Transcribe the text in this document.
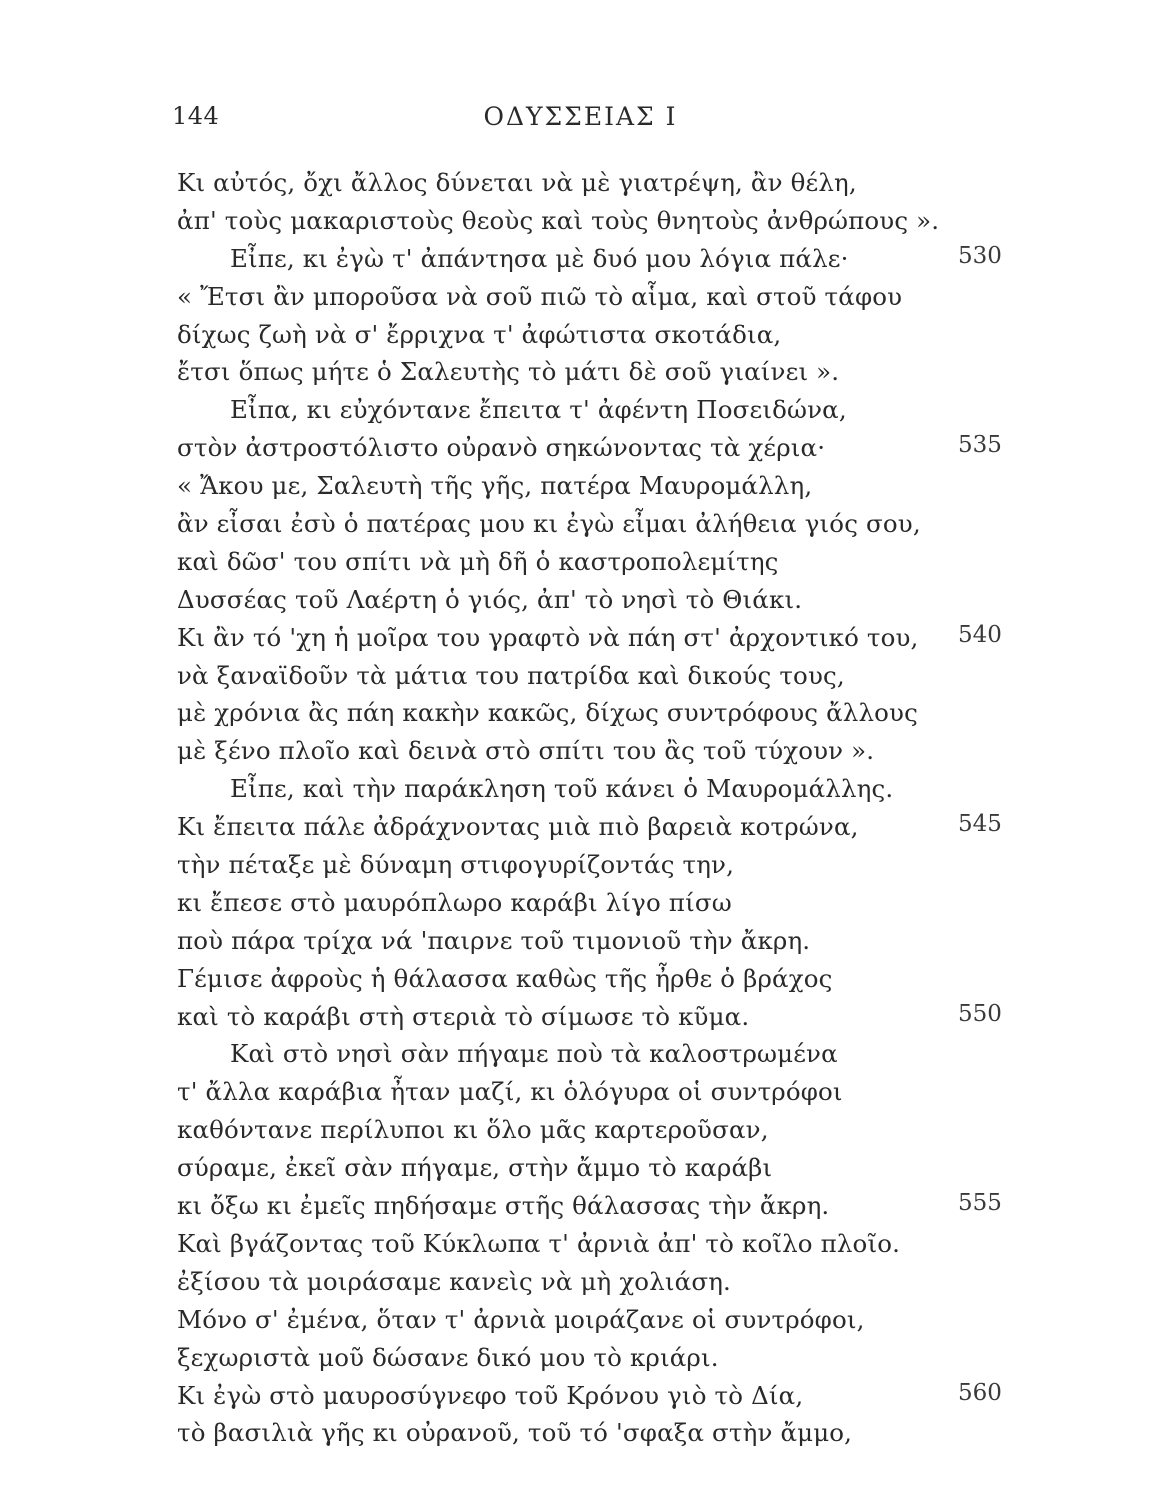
144	ΟΔΥΣΣΕΙΑΣ Ι
Κι αὐτός, ὄχι ἄλλος δύνεται νὰ μὲ γιατρέψη, ἂν θέλη,
ἀπ' τοὺς μακαριστοὺς θεοὺς καὶ τοὺς θνητοὺς ἀνθρώπους ».
Εἶπε, κι ἐγὼ τ' ἀπάντησα μὲ δυό μου λόγια πάλε·	530
« Ἔτσι ἂν μποροῦσα νὰ σοῦ πιῶ τὸ αἷμα, καὶ στοῦ τάφου
δίχως ζωὴ νὰ σ' ἔρριχνα τ' ἀφώτιστα σκοτάδια,
ἔτσι ὅπως μήτε ὁ Σαλευτὴς τὸ μάτι δὲ σοῦ γιαίνει ».
Εἶπα, κι εὐχόντανε ἔπειτα τ' ἀφέντη Ποσειδώνα,
στὸν ἀστροστόλιστο οὐρανὸ σηκώνοντας τὰ χέρια·	535
« Ἄκου με, Σαλευτὴ τῆς γῆς, πατέρα Μαυρομάλλη,
ἂν εἶσαι ἐσὺ ὁ πατέρας μου κι ἐγὼ εἶμαι ἀλήθεια γιός σου,
καὶ δῶσ' του σπίτι νὰ μὴ δῆ ὁ καστροπολεμίτης
Δυσσέας τοῦ Λαέρτη ὁ γιός, ἀπ' τὸ νησὶ τὸ Θιάκι.
Κι ἂν τό 'χη ἡ μοῖρα του γραφτὸ νὰ πάη στ' ἀρχοντικό του, 540
νὰ ξαναϊδοῦν τὰ μάτια του πατρίδα καὶ δικούς τους,
μὲ χρόνια ἂς πάη κακὴν κακῶς, δίχως συντρόφους ἄλλους
μὲ ξένο πλοῖο καὶ δεινὰ στὸ σπίτι του ἂς τοῦ τύχουν ».
Εἶπε, καὶ τὴν παράκληση τοῦ κάνει ὁ Μαυρομάλλης.
Κι ἔπειτα πάλε ἀδράχνοντας μιὰ πιὸ βαρειὰ κοτρώνα,	545
τὴν πέταξε μὲ δύναμη στιφογυρίζοντάς την,
κι ἔπεσε στὸ μαυρόπλωρο καράβι λίγο πίσω
ποὺ πάρα τρίχα νά 'παιρνε τοῦ τιμονιοῦ τὴν ἄκρη.
Γέμισε ἀφροὺς ἡ θάλασσα καθὼς τῆς ἦρθε ὁ βράχος
καὶ τὸ καράβι στὴ στεριὰ τὸ σίμωσε τὸ κῦμα.	550
Καὶ στὸ νησὶ σὰν πήγαμε ποὺ τὰ καλοστρωμένα
τ' ἄλλα καράβια ἦταν μαζί, κι ὁλόγυρα οἱ συντρόφοι
καθόντανε περίλυποι κι ὅλο μᾶς καρτεροῦσαν,
σύραμε, ἐκεῖ σὰν πήγαμε, στὴν ἄμμο τὸ καράβι
κι ὄξω κι ἐμεῖς πηδήσαμε στῆς θάλασσας τὴν ἄκρη.	555
Καὶ βγάζοντας τοῦ Κύκλωπα τ' ἀρνιὰ ἀπ' τὸ κοῖλο πλοῖο.
ἐξίσου τὰ μοιράσαμε κανεὶς νὰ μὴ χολιάση.
Μόνο σ' ἐμένα, ὅταν τ' ἀρνιὰ μοιράζανε οἱ συντρόφοι,
ξεχωριστὰ μοῦ δώσανε δικό μου τὸ κριάρι.
Κι ἐγὼ στὸ μαυροσύγνεφο τοῦ Κρόνου γιὸ τὸ Δία,	560
τὸ βασιλιὰ γῆς κι οὐρανοῦ, τοῦ τό 'σφαξα στὴν ἄμμο,
